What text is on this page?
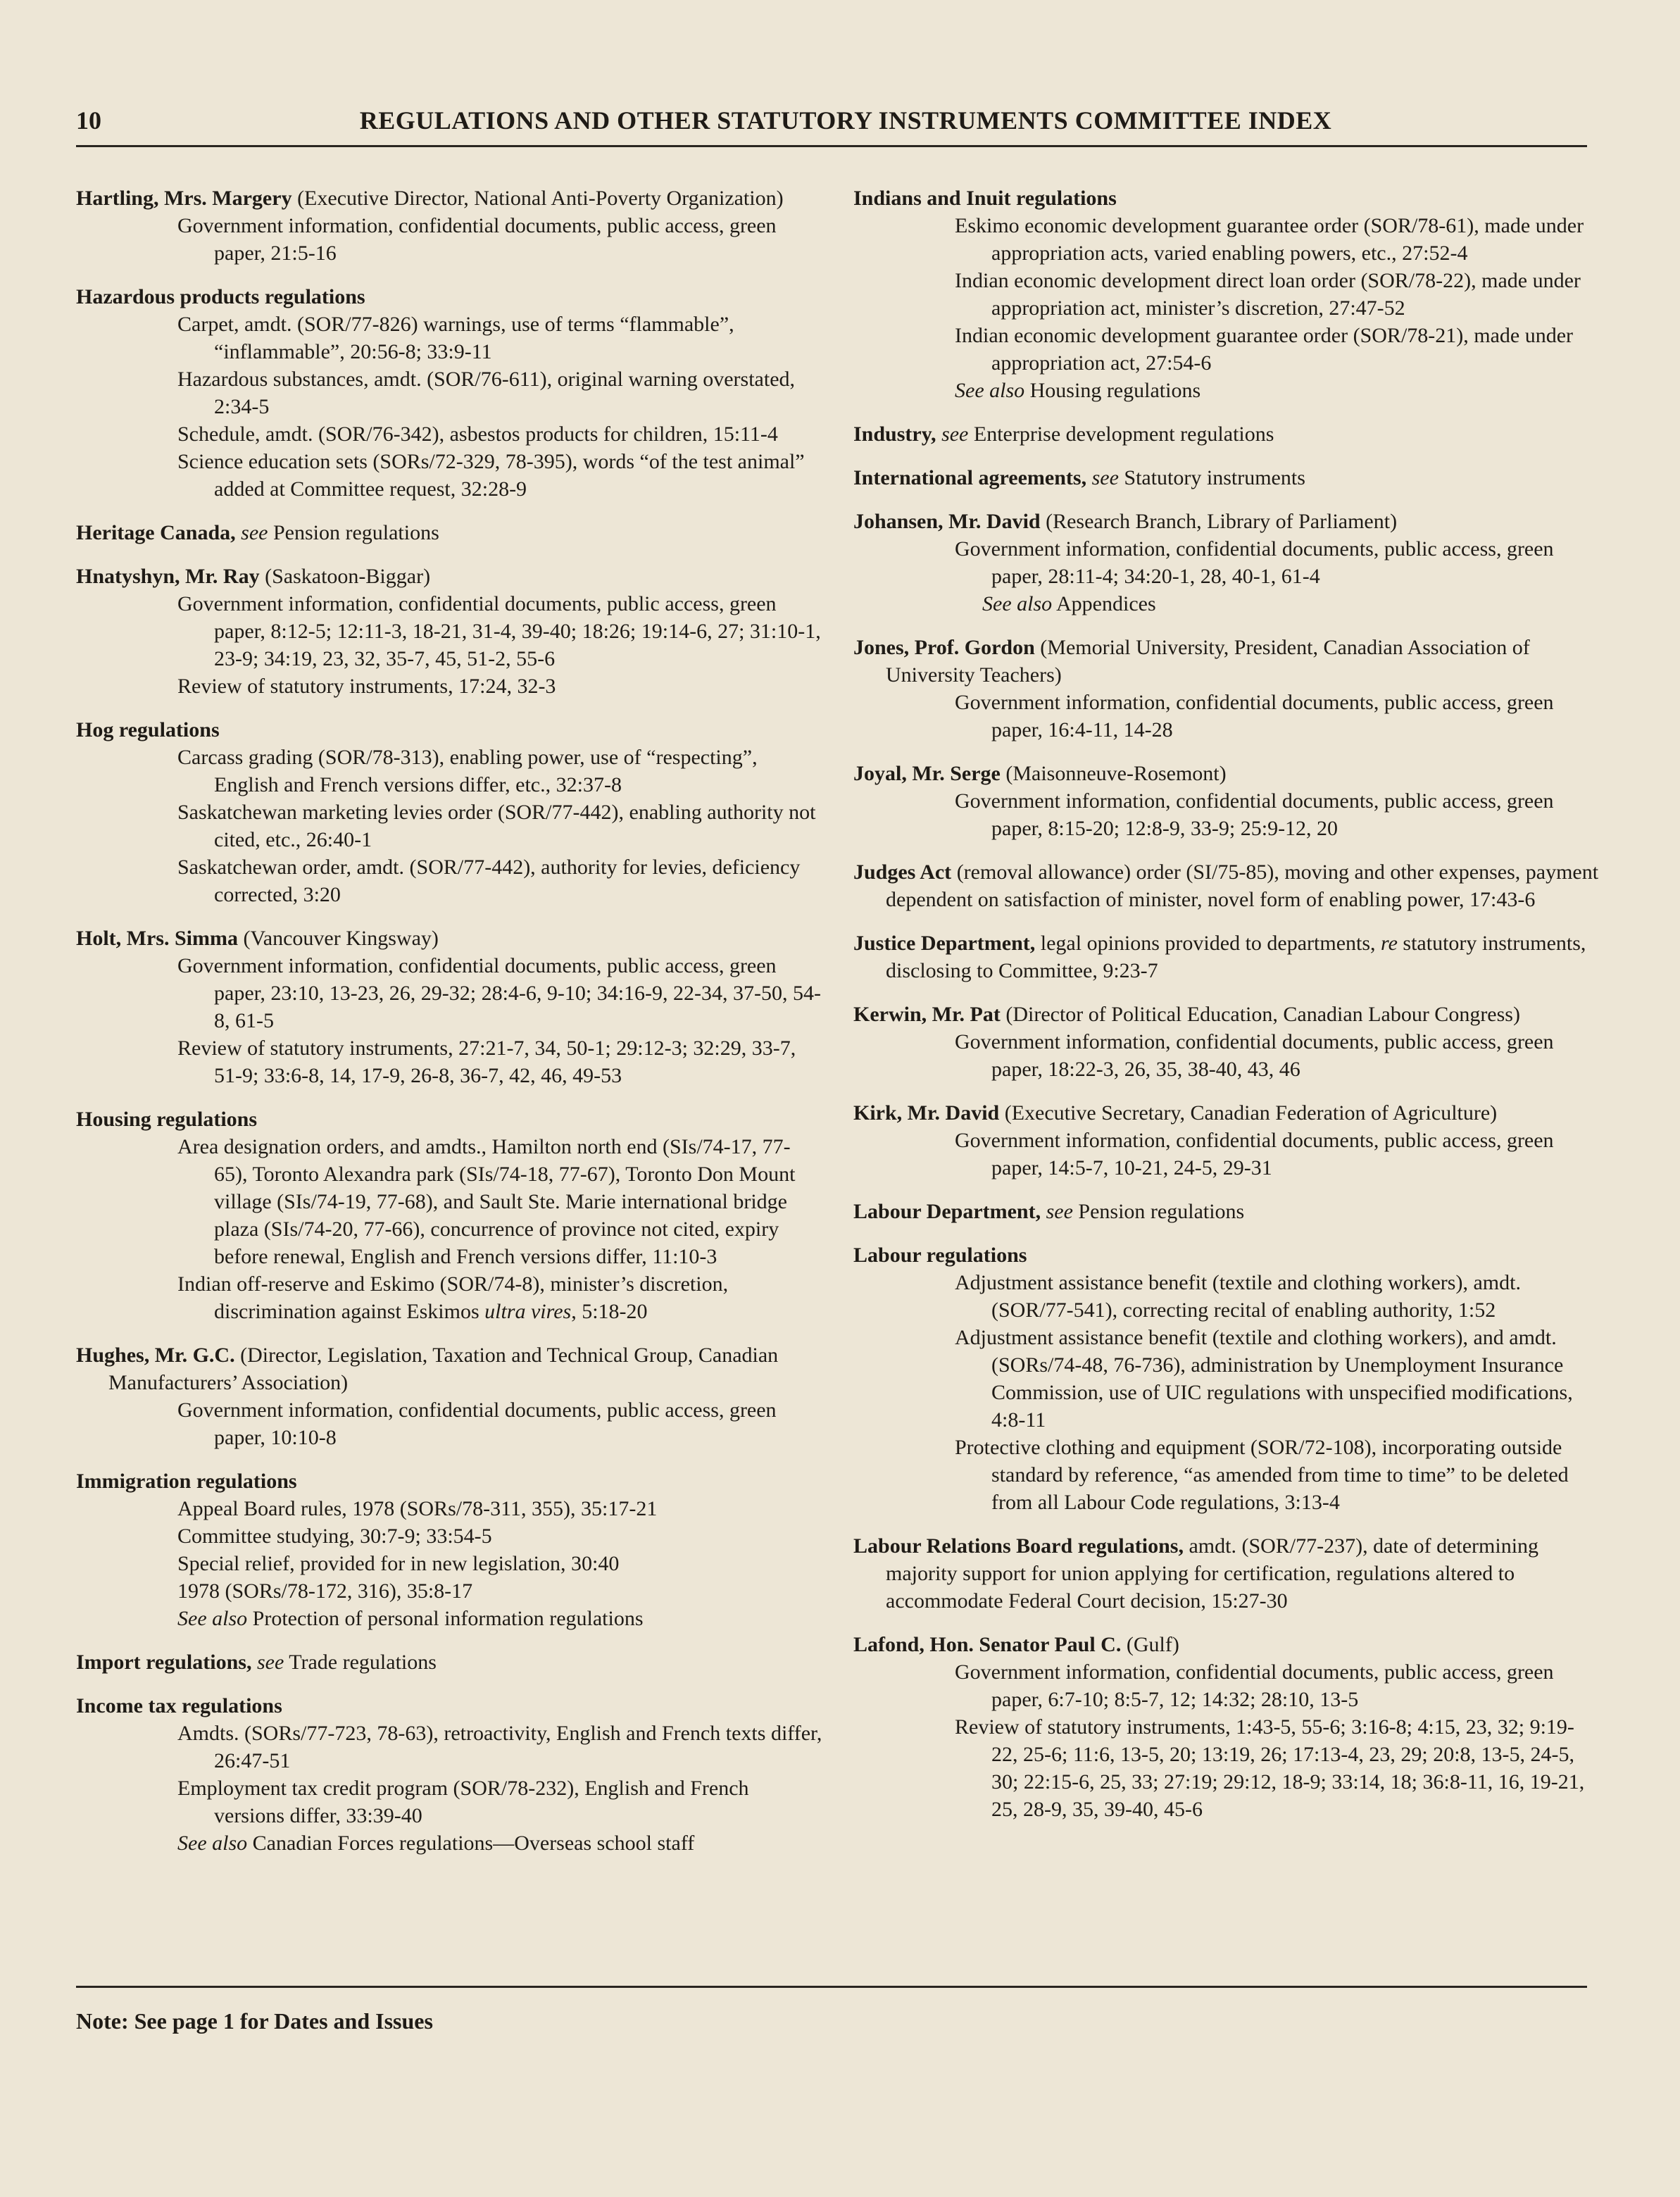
10	REGULATIONS AND OTHER STATUTORY INSTRUMENTS COMMITTEE INDEX
Hartling, Mrs. Margery (Executive Director, National Anti-Poverty Organization)
Government information, confidential documents, public access, green paper, 21:5-16
Hazardous products regulations
Carpet, amdt. (SOR/77-826) warnings, use of terms “flammable”, “inflammable”, 20:56-8; 33:9-11
Hazardous substances, amdt. (SOR/76-611), original warning overstated, 2:34-5
Schedule, amdt. (SOR/76-342), asbestos products for children, 15:11-4
Science education sets (SORs/72-329, 78-395), words “of the test animal” added at Committee request, 32:28-9
Heritage Canada, see Pension regulations
Hnatyshyn, Mr. Ray (Saskatoon-Biggar)
Government information, confidential documents, public access, green paper, 8:12-5; 12:11-3, 18-21, 31-4, 39-40; 18:26; 19:14-6, 27; 31:10-1, 23-9; 34:19, 23, 32, 35-7, 45, 51-2, 55-6
Review of statutory instruments, 17:24, 32-3
Hog regulations
Carcass grading (SOR/78-313), enabling power, use of “respecting”, English and French versions differ, etc., 32:37-8
Saskatchewan marketing levies order (SOR/77-442), enabling authority not cited, etc., 26:40-1
Saskatchewan order, amdt. (SOR/77-442), authority for levies, deficiency corrected, 3:20
Holt, Mrs. Simma (Vancouver Kingsway)
Government information, confidential documents, public access, green paper, 23:10, 13-23, 26, 29-32; 28:4-6, 9-10; 34:16-9, 22-34, 37-50, 54-8, 61-5
Review of statutory instruments, 27:21-7, 34, 50-1; 29:12-3; 32:29, 33-7, 51-9; 33:6-8, 14, 17-9, 26-8, 36-7, 42, 46, 49-53
Housing regulations
Area designation orders, and amdts., Hamilton north end (SIs/74-17, 77-65), Toronto Alexandra park (SIs/74-18, 77-67), Toronto Don Mount village (SIs/74-19, 77-68), and Sault Ste. Marie international bridge plaza (SIs/74-20, 77-66), concurrence of province not cited, expiry before renewal, English and French versions differ, 11:10-3
Indian off-reserve and Eskimo (SOR/74-8), minister’s discretion, discrimination against Eskimos ultra vires, 5:18-20
Hughes, Mr. G.C. (Director, Legislation, Taxation and Technical Group, Canadian Manufacturers’ Association)
Government information, confidential documents, public access, green paper, 10:10-8
Immigration regulations
Appeal Board rules, 1978 (SORs/78-311, 355), 35:17-21
Committee studying, 30:7-9; 33:54-5
Special relief, provided for in new legislation, 30:40
1978 (SORs/78-172, 316), 35:8-17
See also Protection of personal information regulations
Import regulations, see Trade regulations
Income tax regulations
Amdts. (SORs/77-723, 78-63), retroactivity, English and French texts differ, 26:47-51
Employment tax credit program (SOR/78-232), English and French versions differ, 33:39-40
See also Canadian Forces regulations—Overseas school staff
Indians and Inuit regulations
Eskimo economic development guarantee order (SOR/78-61), made under appropriation acts, varied enabling powers, etc., 27:52-4
Indian economic development direct loan order (SOR/78-22), made under appropriation act, minister’s discretion, 27:47-52
Indian economic development guarantee order (SOR/78-21), made under appropriation act, 27:54-6
See also Housing regulations
Industry, see Enterprise development regulations
International agreements, see Statutory instruments
Johansen, Mr. David (Research Branch, Library of Parliament)
Government information, confidential documents, public access, green paper, 28:11-4; 34:20-1, 28, 40-1, 61-4
See also Appendices
Jones, Prof. Gordon (Memorial University, President, Canadian Association of University Teachers)
Government information, confidential documents, public access, green paper, 16:4-11, 14-28
Joyal, Mr. Serge (Maisonneuve-Rosemont)
Government information, confidential documents, public access, green paper, 8:15-20; 12:8-9, 33-9; 25:9-12, 20
Judges Act (removal allowance) order (SI/75-85), moving and other expenses, payment dependent on satisfaction of minister, novel form of enabling power, 17:43-6
Justice Department, legal opinions provided to departments, re statutory instruments, disclosing to Committee, 9:23-7
Kerwin, Mr. Pat (Director of Political Education, Canadian Labour Congress)
Government information, confidential documents, public access, green paper, 18:22-3, 26, 35, 38-40, 43, 46
Kirk, Mr. David (Executive Secretary, Canadian Federation of Agriculture)
Government information, confidential documents, public access, green paper, 14:5-7, 10-21, 24-5, 29-31
Labour Department, see Pension regulations
Labour regulations
Adjustment assistance benefit (textile and clothing workers), amdt. (SOR/77-541), correcting recital of enabling authority, 1:52
Adjustment assistance benefit (textile and clothing workers), and amdt. (SORs/74-48, 76-736), administration by Unemployment Insurance Commission, use of UIC regulations with unspecified modifications, 4:8-11
Protective clothing and equipment (SOR/72-108), incorporating outside standard by reference, “as amended from time to time” to be deleted from all Labour Code regulations, 3:13-4
Labour Relations Board regulations, amdt. (SOR/77-237), date of determining majority support for union applying for certification, regulations altered to accommodate Federal Court decision, 15:27-30
Lafond, Hon. Senator Paul C. (Gulf)
Government information, confidential documents, public access, green paper, 6:7-10; 8:5-7, 12; 14:32; 28:10, 13-5
Review of statutory instruments, 1:43-5, 55-6; 3:16-8; 4:15, 23, 32; 9:19-22, 25-6; 11:6, 13-5, 20; 13:19, 26; 17:13-4, 23, 29; 20:8, 13-5, 24-5, 30; 22:15-6, 25, 33; 27:19; 29:12, 18-9; 33:14, 18; 36:8-11, 16, 19-21, 25, 28-9, 35, 39-40, 45-6
Note: See page 1 for Dates and Issues
